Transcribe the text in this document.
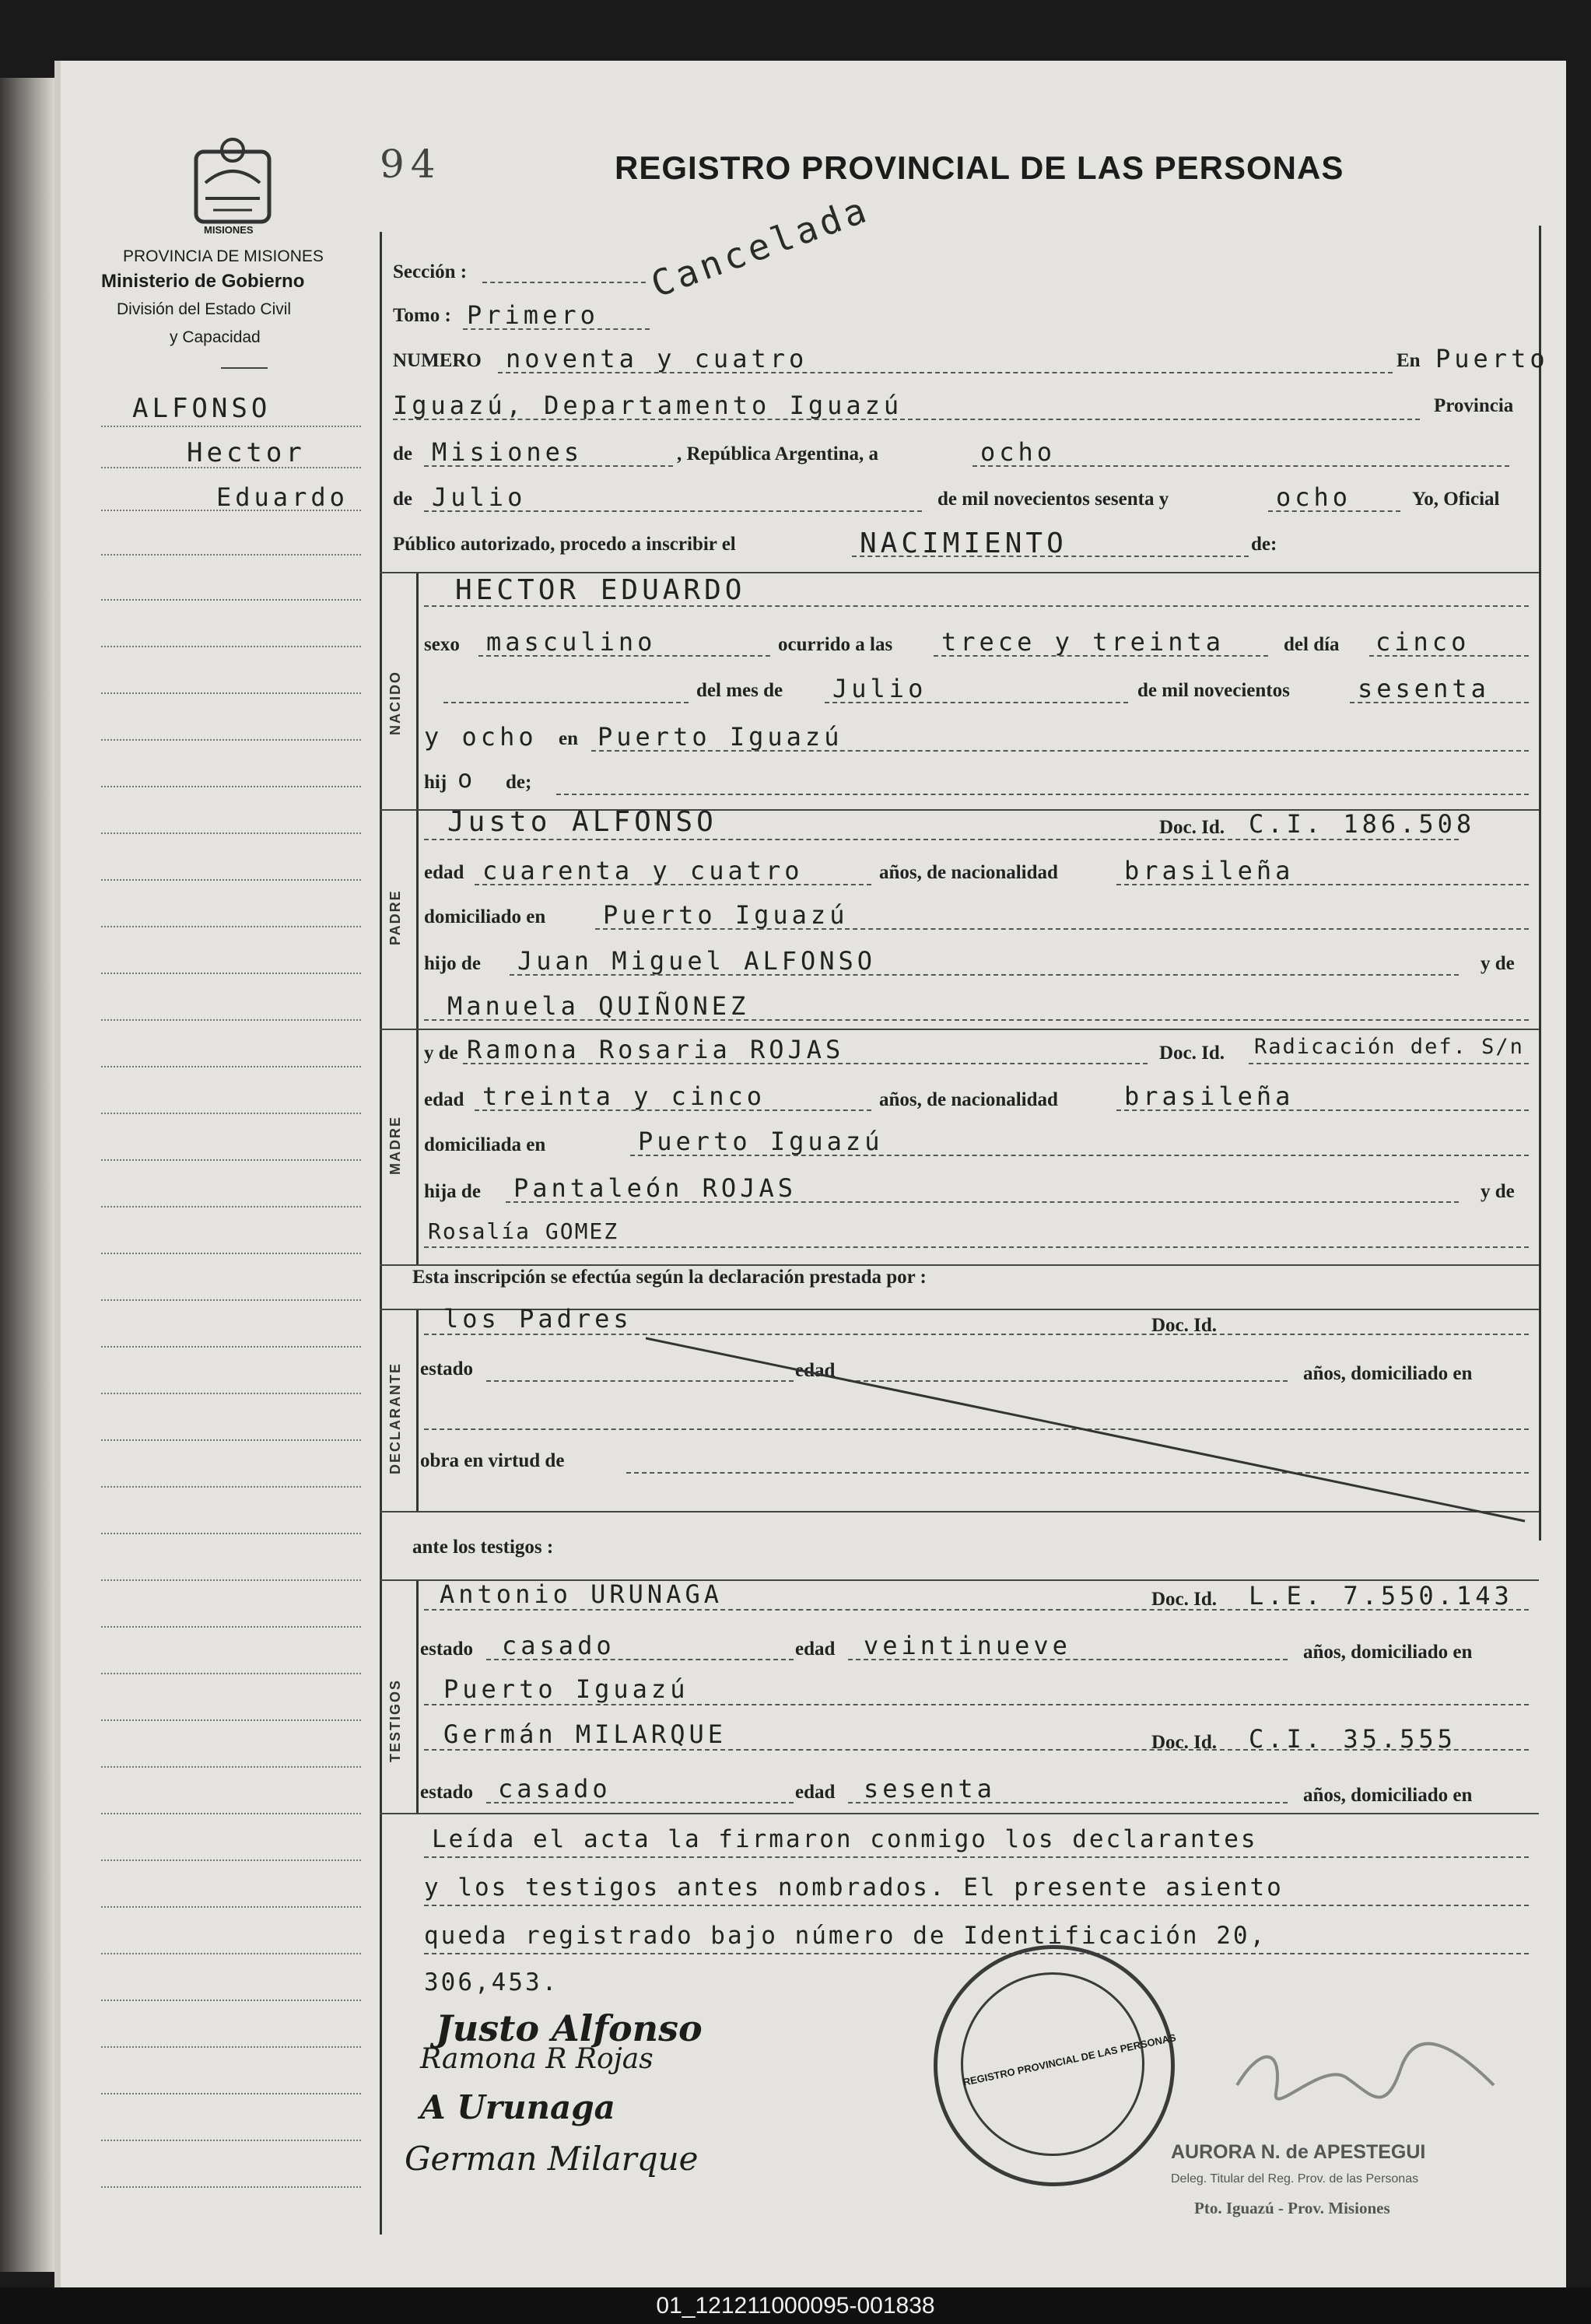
MISIONES
94	REGISTRO PROVINCIAL DE LAS PERSONAS
PROVINCIA DE MISIONES
Ministerio de Gobierno
División del Estado Civil
y Capacidad
ALFONSO
Hector
Eduardo
NACIDO
PADRE
MADRE
DECLARANTE
TESTIGOS
Sección :
Tomo : Primero
Cancelada
NUMERO noventa y cuatro	En Puerto
Iguazú, Departamento Iguazú	Provincia
de Misiones	, República Argentina, a	ocho
de Julio	de mil novecientos sesenta y	ocho	Yo, Oficial
Público autorizado, procedo a inscribir el	NACIMIENTO	de:
HECTOR EDUARDO
sexo masculino	ocurrido a las trece y treinta	del día cinco
del mes de Julio	de mil novecientos	sesenta
y ocho en Puerto Iguazú
hij o de;
Justo ALFONSO	Doc. Id. C.I. 186.508
edad cuarenta y cuatro	años, de nacionalidad	brasileña
domiciliado en Puerto Iguazú
hijo de Juan Miguel ALFONSO	y de
Manuela QUIÑONEZ
y de Ramona Rosaria ROJAS	Doc. Id. Radicación def. S/n
edad treinta y cinco	años, de nacionalidad	brasileña
domiciliada en	Puerto Iguazú
hija de Pantaleón ROJAS	y de
Rosalía GOMEZ
Esta inscripción se efectúa según la declaración prestada por :
los Padres	Doc. Id.
estado	edad	años, domiciliado en
obra en virtud de
ante los testigos :
Antonio URUNAGA	Doc. Id. L.E. 7.550.143
estado casado	edad veintinueve	años, domiciliado en
Puerto Iguazú
Germán MILARQUE	Doc. Id. C.I. 35.555
estado casado	edad sesenta	años, domiciliado en
Leída el acta la firmaron conmigo los declarantes
y los testigos antes nombrados. El presente asiento
queda registrado bajo número de Identificación 20,
306,453.
Justo Alfonso
Ramona R Rojas
A Urunaga
German Milarque
REGISTRO PROVINCIAL DE LAS PERSONAS
AURORA N. de APESTEGUI
Deleg. Titular del Reg. Prov. de las Personas
Pto. Iguazú - Prov. Misiones
01_121211000095-001838
